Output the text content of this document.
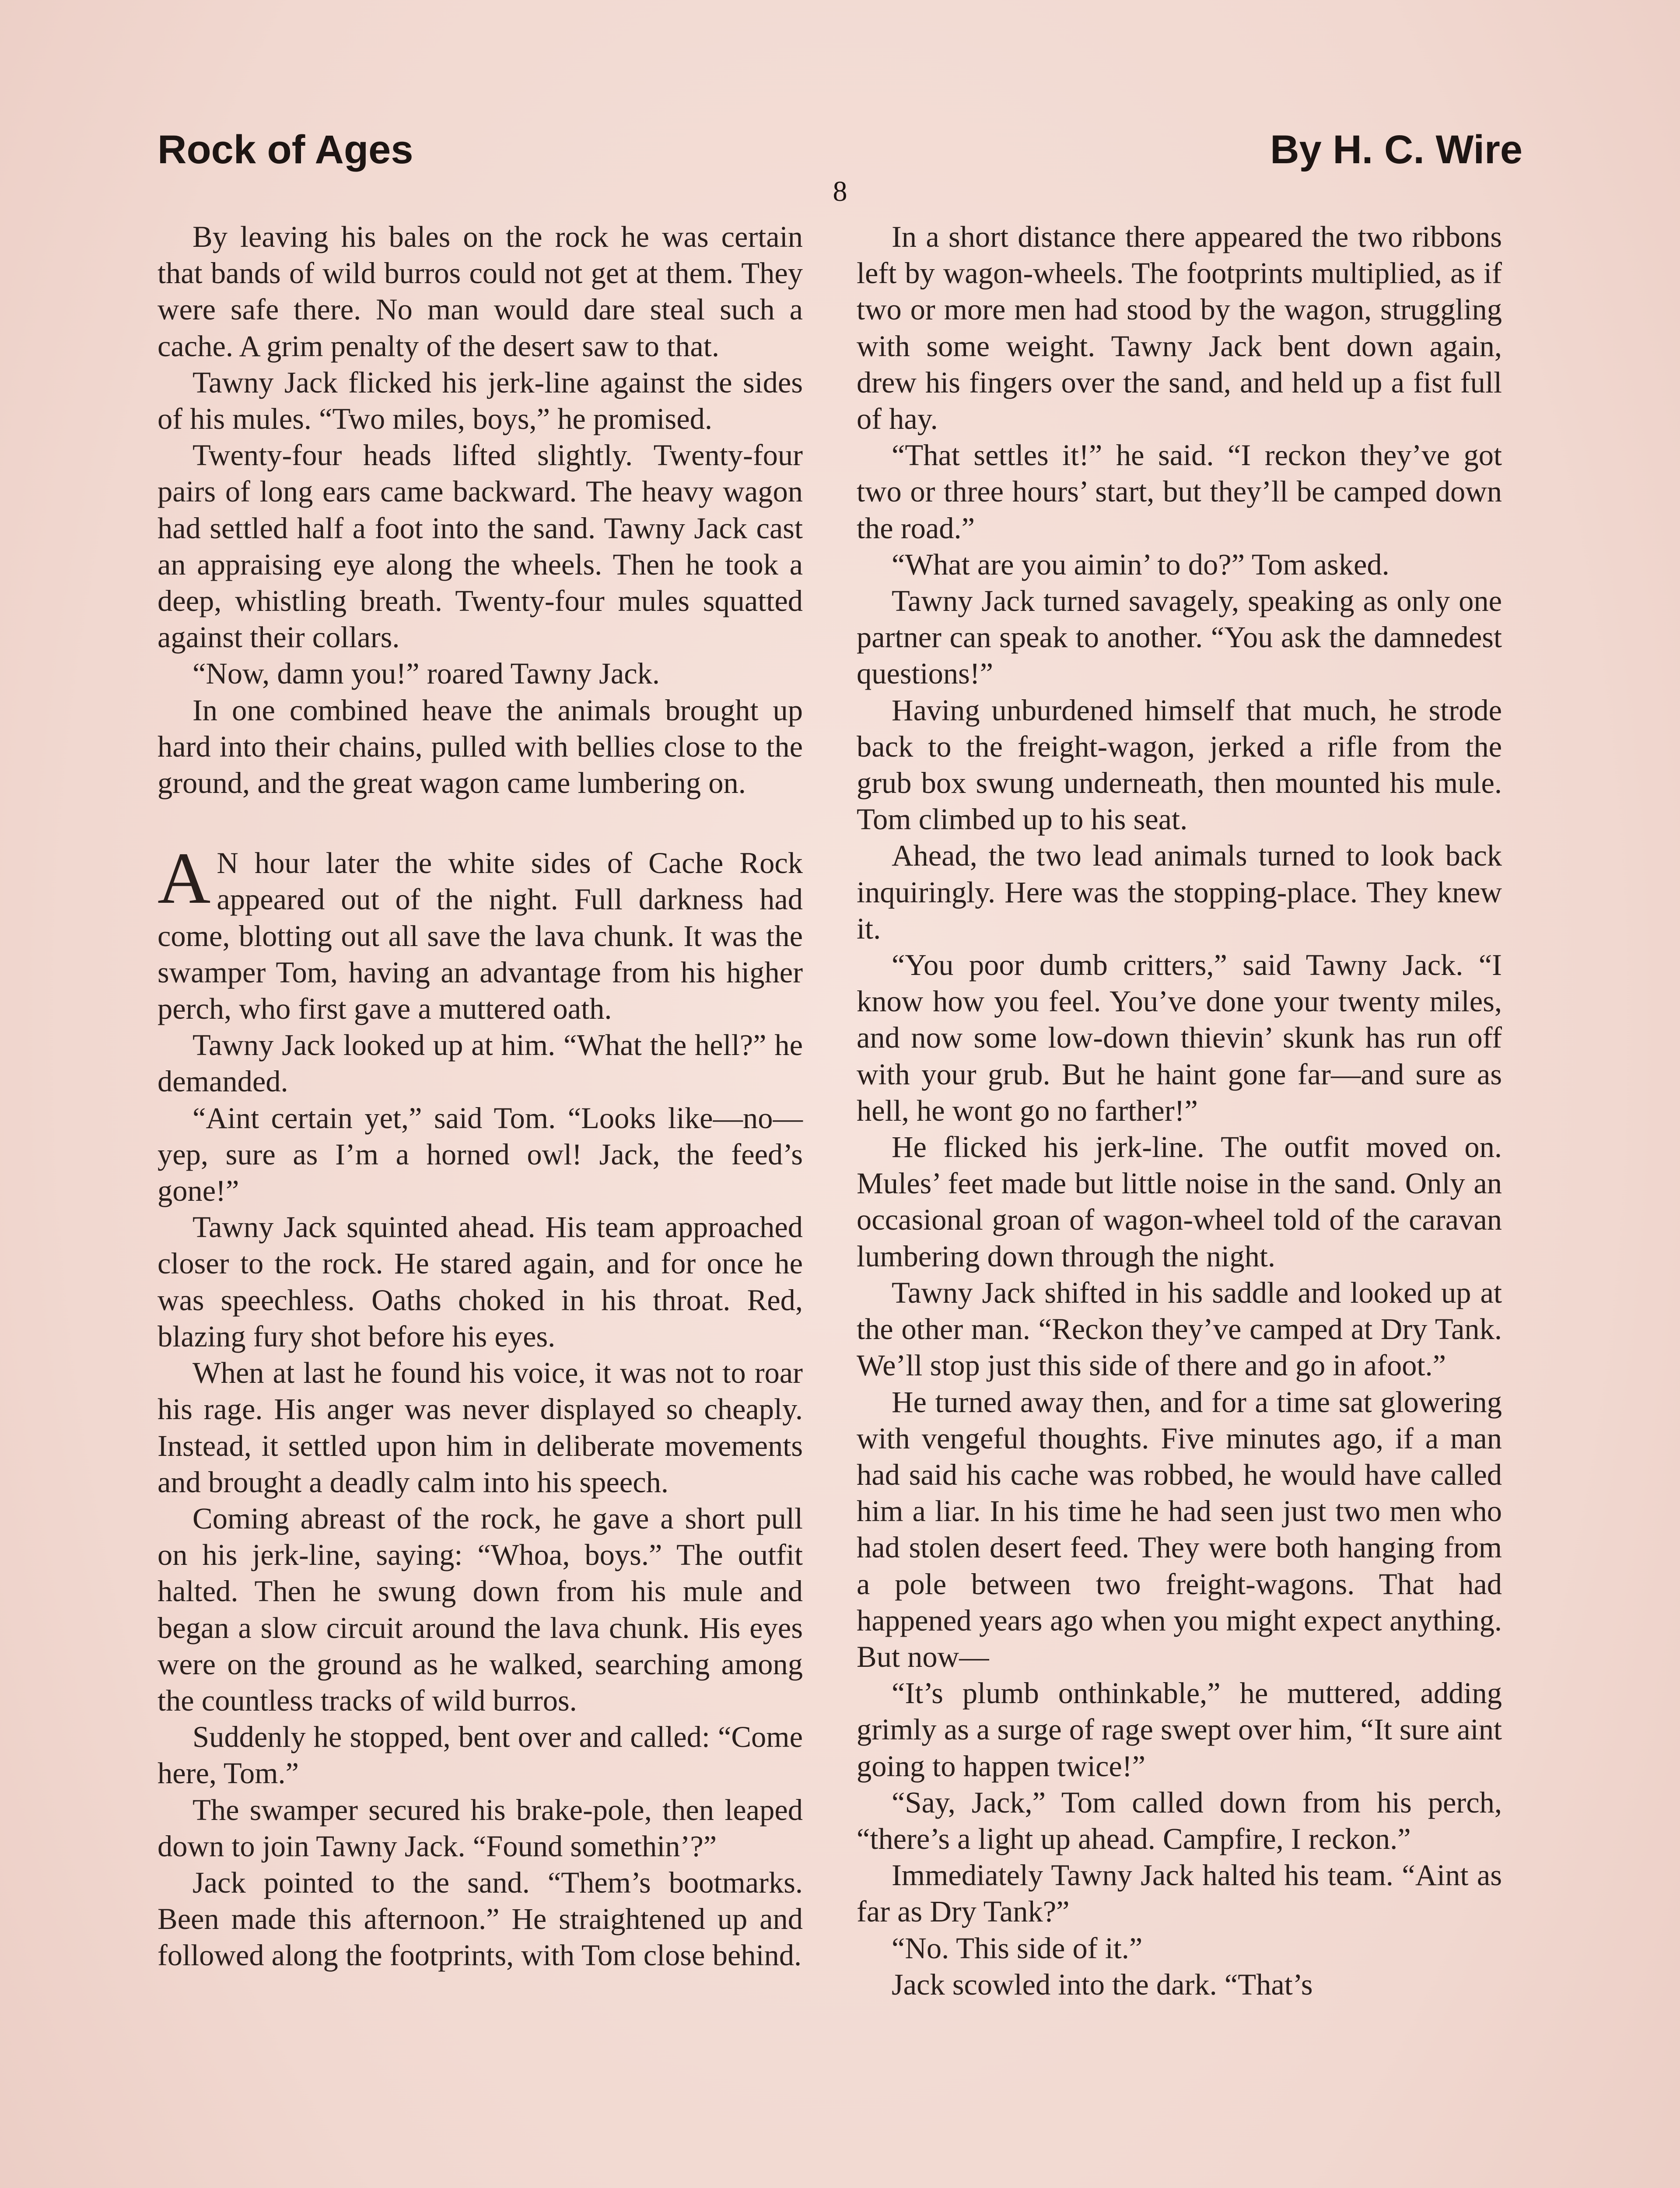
Rock of Ages
8
By H. C. Wire

By leaving his bales on the rock he was certain that bands of wild burros could not get at them. They were safe there. No man would dare steal such a cache. A grim penalty of the desert saw to that.

Tawny Jack flicked his jerk-line against the sides of his mules. “Two miles, boys,” he promised.

Twenty-four heads lifted slightly. Twenty-four pairs of long ears came backward. The heavy wagon had settled half a foot into the sand. Tawny Jack cast an appraising eye along the wheels. Then he took a deep, whistling breath. Twenty-four mules squatted against their collars.

“Now, damn you!” roared Tawny Jack.

In one combined heave the animals brought up hard into their chains, pulled with bellies close to the ground, and the great wagon came lumbering on.

A N hour later the white sides of Cache Rock appeared out of the night. Full darkness had come, blotting out all save the lava chunk. It was the swamper Tom, having an advantage from his higher perch, who first gave a muttered oath.

Tawny Jack looked up at him. “What the hell?” he demanded.

“Aint certain yet,” said Tom. “Looks like—no—yep, sure as I’m a horned owl! Jack, the feed’s gone!”

Tawny Jack squinted ahead. His team approached closer to the rock. He stared again, and for once he was speechless. Oaths choked in his throat. Red, blazing fury shot before his eyes.

When at last he found his voice, it was not to roar his rage. His anger was never displayed so cheaply. Instead, it settled upon him in deliberate movements and brought a deadly calm into his speech.

Coming abreast of the rock, he gave a short pull on his jerk-line, saying: “Whoa, boys.” The outfit halted. Then he swung down from his mule and began a slow circuit around the lava chunk. His eyes were on the ground as he walked, searching among the countless tracks of wild burros.

Suddenly he stopped, bent over and called: “Come here, Tom.”

The swamper secured his brake-pole, then leaped down to join Tawny Jack. “Found somethin’?”

Jack pointed to the sand. “Them’s bootmarks. Been made this afternoon.” He straightened up and followed along the footprints, with Tom close behind.

In a short distance there appeared the two ribbons left by wagon-wheels. The footprints multiplied, as if two or more men had stood by the wagon, struggling with some weight. Tawny Jack bent down again, drew his fingers over the sand, and held up a fist full of hay.

“That settles it!” he said. “I reckon they’ve got two or three hours’ start, but they’ll be camped down the road.”

“What are you aimin’ to do?” Tom asked.

Tawny Jack turned savagely, speaking as only one partner can speak to another. “You ask the damnedest questions!”

Having unburdened himself that much, he strode back to the freight-wagon, jerked a rifle from the grub box swung underneath, then mounted his mule. Tom climbed up to his seat.

Ahead, the two lead animals turned to look back inquiringly. Here was the stopping-place. They knew it.

“You poor dumb critters,” said Tawny Jack. “I know how you feel. You’ve done your twenty miles, and now some low-down thievin’ skunk has run off with your grub. But he haint gone far—and sure as hell, he wont go no farther!”

He flicked his jerk-line. The outfit moved on. Mules’ feet made but little noise in the sand. Only an occasional groan of wagon-wheel told of the caravan lumbering down through the night.

Tawny Jack shifted in his saddle and looked up at the other man. “Reckon they’ve camped at Dry Tank. We’ll stop just this side of there and go in afoot.”

He turned away then, and for a time sat glowering with vengeful thoughts. Five minutes ago, if a man had said his cache was robbed, he would have called him a liar. In his time he had seen just two men who had stolen desert feed. They were both hanging from a pole between two freight-wagons. That had happened years ago when you might expect anything. But now—

“It’s plumb onthinkable,” he muttered, adding grimly as a surge of rage swept over him, “It sure aint going to happen twice!”

“Say, Jack,” Tom called down from his perch, “there’s a light up ahead. Campfire, I reckon.”

Immediately Tawny Jack halted his team. “Aint as far as Dry Tank?”

“No. This side of it.”

Jack scowled into the dark. “That’s
